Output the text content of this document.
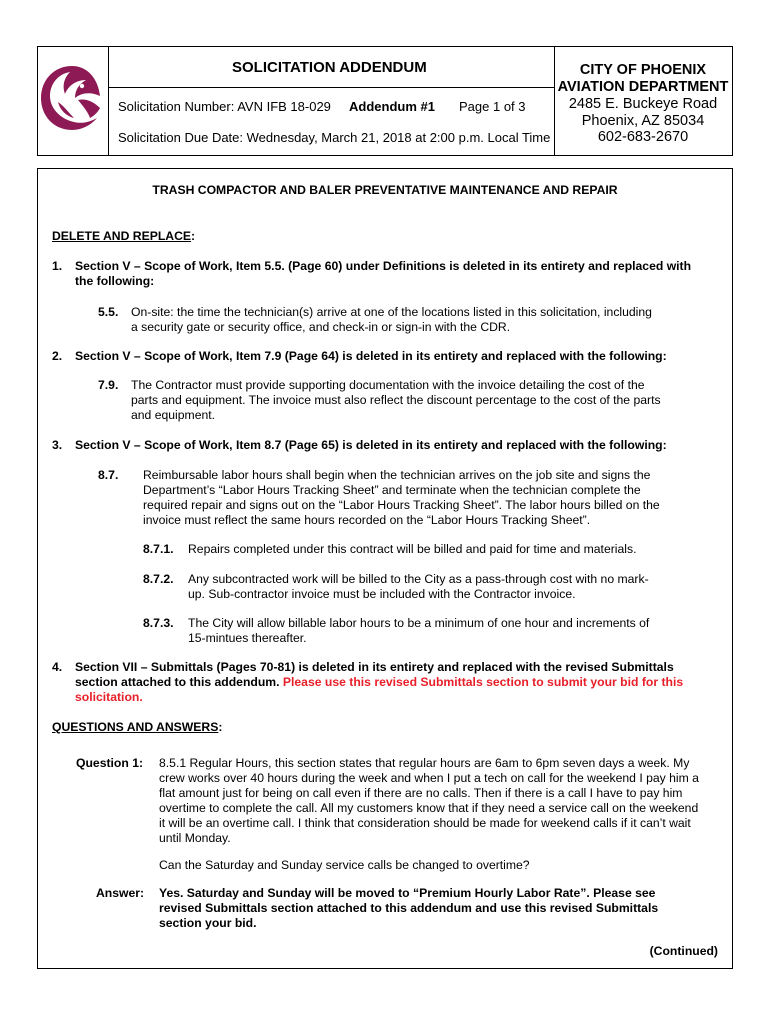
SOLICITATION ADDENDUM
Solicitation Number: AVN IFB 18-029 Addendum #1 Page 1 of 3
Solicitation Due Date: Wednesday, March 21, 2018 at 2:00 p.m. Local Time
CITY OF PHOENIX
AVIATION DEPARTMENT
2485 E. Buckeye Road
Phoenix, AZ 85034
602-683-2670
TRASH COMPACTOR AND BALER PREVENTATIVE MAINTENANCE AND REPAIR
DELETE AND REPLACE:
1. Section V – Scope of Work, Item 5.5. (Page 60) under Definitions is deleted in its entirety and replaced with
the following:
5.5. On-site: the time the technician(s) arrive at one of the locations listed in this solicitation, including
a security gate or security office, and check-in or sign-in with the CDR.
2. Section V – Scope of Work, Item 7.9 (Page 64) is deleted in its entirety and replaced with the following:
7.9. The Contractor must provide supporting documentation with the invoice detailing the cost of the
parts and equipment. The invoice must also reflect the discount percentage to the cost of the parts
and equipment.
3. Section V – Scope of Work, Item 8.7 (Page 65) is deleted in its entirety and replaced with the following:
8.7. Reimbursable labor hours shall begin when the technician arrives on the job site and signs the
Department’s “Labor Hours Tracking Sheet” and terminate when the technician complete the
required repair and signs out on the “Labor Hours Tracking Sheet”. The labor hours billed on the
invoice must reflect the same hours recorded on the “Labor Hours Tracking Sheet”.
8.7.1. Repairs completed under this contract will be billed and paid for time and materials.
8.7.2. Any subcontracted work will be billed to the City as a pass-through cost with no mark-
up. Sub-contractor invoice must be included with the Contractor invoice.
8.7.3. The City will allow billable labor hours to be a minimum of one hour and increments of
15-mintues thereafter.
4. Section VII – Submittals (Pages 70-81) is deleted in its entirety and replaced with the revised Submittals
section attached to this addendum. Please use this revised Submittals section to submit your bid for this
solicitation.
QUESTIONS AND ANSWERS:
Question 1: 8.5.1 Regular Hours, this section states that regular hours are 6am to 6pm seven days a week. My
crew works over 40 hours during the week and when I put a tech on call for the weekend I pay him a
flat amount just for being on call even if there are no calls. Then if there is a call I have to pay him
overtime to complete the call. All my customers know that if they need a service call on the weekend
it will be an overtime call. I think that consideration should be made for weekend calls if it can’t wait
until Monday.
Can the Saturday and Sunday service calls be changed to overtime?
Answer: Yes. Saturday and Sunday will be moved to “Premium Hourly Labor Rate”. Please see
revised Submittals section attached to this addendum and use this revised Submittals
section your bid.
(Continued)
